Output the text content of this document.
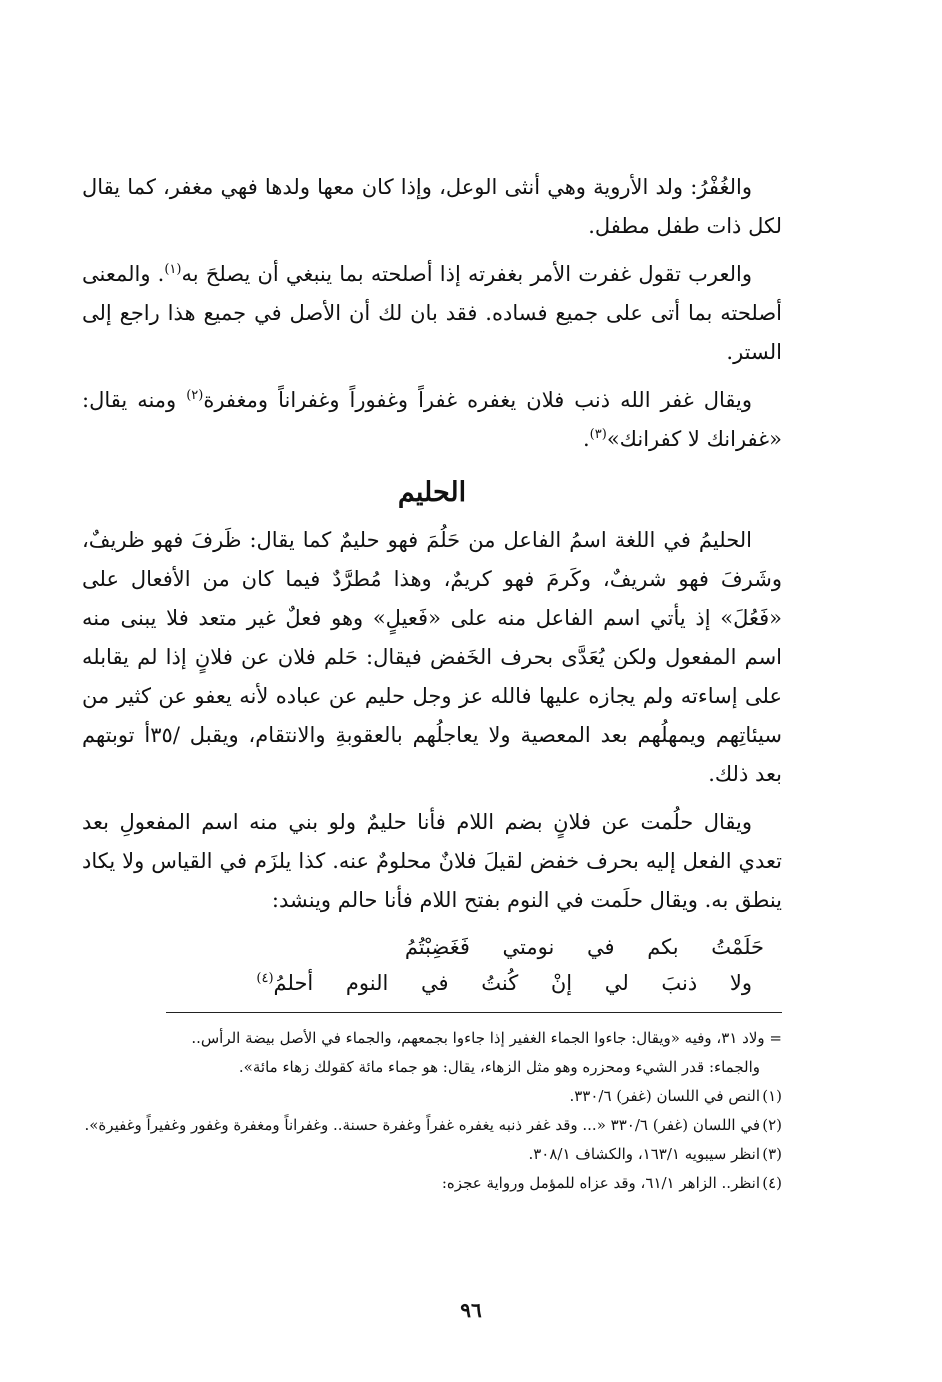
والغُفْرُ: ولد الأروية وهي أنثى الوعل، وإذا كان معها ولدها فهي مغفر، كما يقال لكل ذات طفل مطفل.

والعرب تقول غفرت الأمر بغفرته إذا أصلحته بما ينبغي أن يصلحَ به$^{(١)}$. والمعنى أصلحته بما أتى على جميع فساده. فقد بان لك أن الأصل في جميع هذا راجع إلى الستر.

ويقال غفر الله ذنب فلان يغفره غفراً وغفوراً وغفراناً ومغفرة$^{(٢)}$ ومنه يقال: «غفرانك لا كفرانك»$^{(٣)}$.

الحليم

الحليمُ في اللغة اسمُ الفاعل من حَلُمَ فهو حليمٌ كما يقال: ظَرفَ فهو ظريفٌ، وشَرفَ فهو شريفٌ، وكَرمَ فهو كريمٌ، وهذا مُطرَّدٌ فيما كان من الأفعال على «فَعُلَ» إذ يأتي اسم الفاعل منه على «فَعيلٍ» وهو فعلٌ غير متعد فلا يبنى منه اسم المفعول ولكن يُعَدَّى بحرف الخَفض فيقال: حَلم فلان عن فلانٍ إذا لم يقابله على إساءته ولم يجازه عليها فالله عز وجل حليم عن عباده لأنه يعفو عن كثير من سيئاتِهم ويمهلُهم بعد المعصية ولا يعاجلُهم بالعقوبةِ والانتقام، ويقبل /٣٥أ توبتهم بعد ذلك.

ويقال حلُمت عن فلانٍ بضم اللام فأنا حليمٌ ولو بني منه اسم المفعولِ بعد تعدي الفعل إليه بحرف خفض لقيلَ فلانٌ محلومٌ عنه. كذا يلزَم في القياس ولا يكاد ينطق به. ويقال حلَمت في النوم بفتح اللام فأنا حالم وينشد:

حَلَمْتُ بكم في نومتي فَغَضِبْتُمُ
ولا ذنبَ لي إنْ كُنتُ في النوم أحلمُ$^{(٤)}$

= ولاد ٣١، وفيه «ويقال: جاءوا الجماء الغفير إذا جاءوا بجمعهم، والجماء في الأصل بيضة الرأس..

والجماء: قدر الشيء ومحزره وهو مثل الزهاء، يقال: هو جماء مائة كقولك زهاء مائة».

(١)النص في اللسان (غفر) ٣٣٠/٦.

(٢)في اللسان (غفر) ٣٣٠/٦ «... وقد غفر ذنبه يغفره غفراً وغفرة حسنة.. وغفراناً ومغفرة وغفور وغفيراً وغفيرة».

(٣)انظر سيبويه ١٦٣/١، والكشاف ٣٠٨/١.

(٤)انظر.. الزاهر ٦١/١، وقد عزاه للمؤمل ورواية عجزه:

٩٦
